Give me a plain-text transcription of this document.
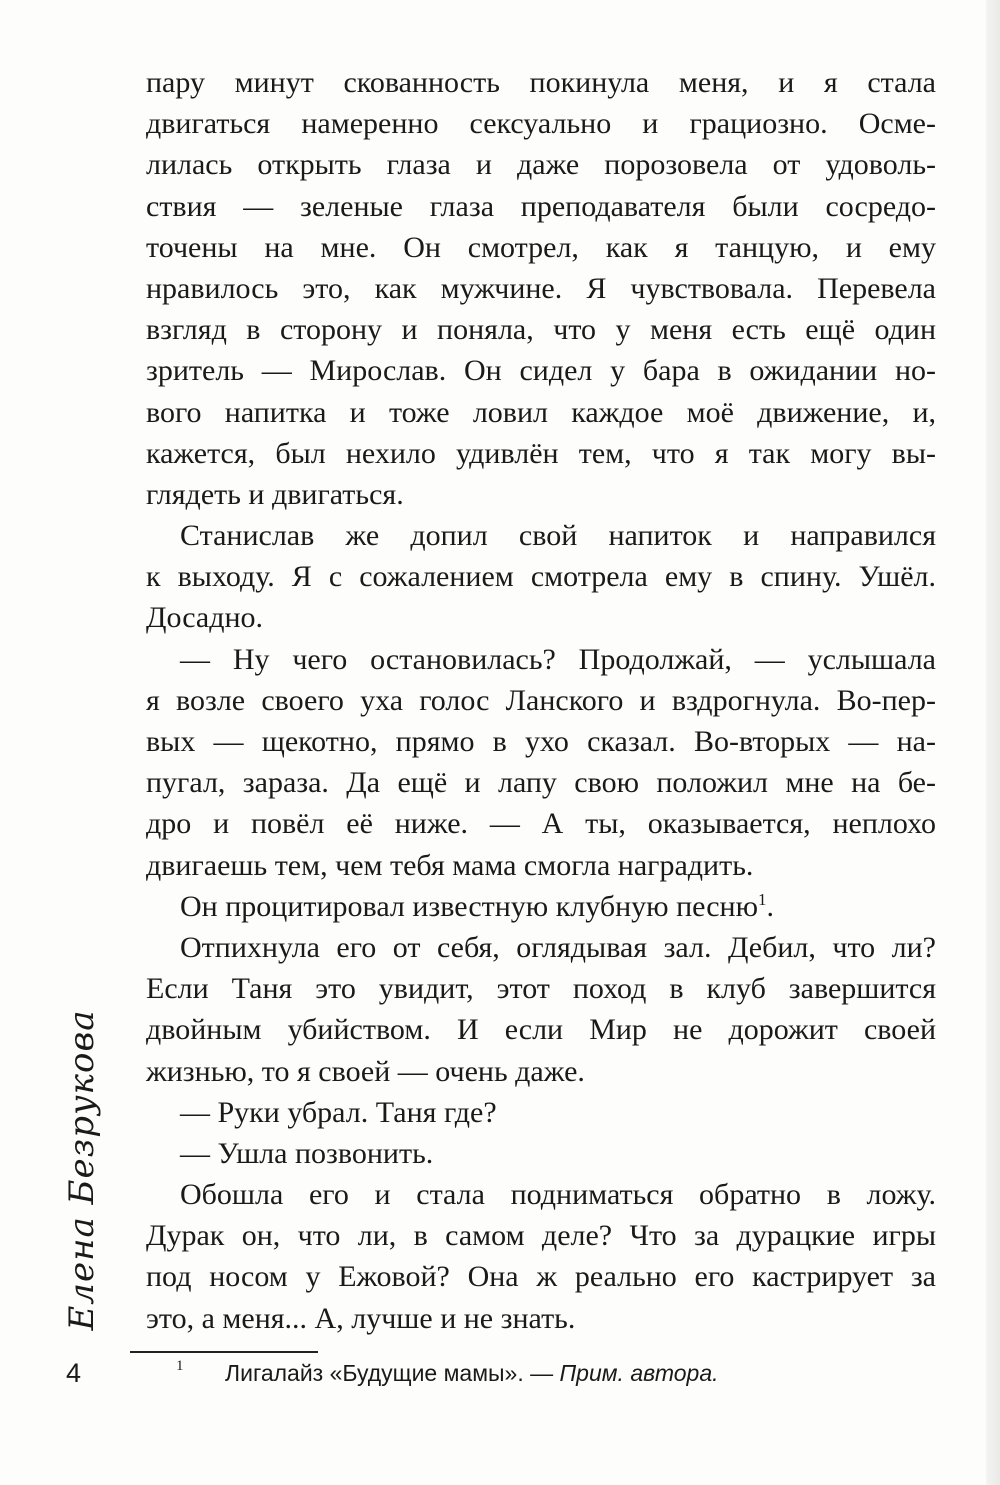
Елена Безрукова
пару минут скованность покинула меня, и я стала
двигаться намеренно сексуально и грациозно. Осме-
лилась открыть глаза и даже порозовела от удоволь-
ствия — зеленые глаза преподавателя были сосредо-
точены на мне. Он смотрел, как я танцую, и ему
нравилось это, как мужчине. Я чувствовала. Перевела
взгляд в сторону и поняла, что у меня есть ещё один
зритель — Мирослав. Он сидел у бара в ожидании но-
вого напитка и тоже ловил каждое моё движение, и,
кажется, был нехило удивлён тем, что я так могу вы-
глядеть и двигаться.
Станислав же допил свой напиток и направился
к выходу. Я с сожалением смотрела ему в спину. Ушёл.
Досадно.
— Ну чего остановилась? Продолжай, — услышала
я возле своего уха голос Ланского и вздрогнула. Во-пер-
вых — щекотно, прямо в ухо сказал. Во-вторых — на-
пугал, зараза. Да ещё и лапу свою положил мне на бе-
дро и повёл её ниже. — А ты, оказывается, неплохо
двигаешь тем, чем тебя мама смогла наградить.
Он процитировал известную клубную песню$^1$.
Отпихнула его от себя, оглядывая зал. Дебил, что ли?
Если Таня это увидит, этот поход в клуб завершится
двойным убийством. И если Мир не дорожит своей
жизнью, то я своей — очень даже.
— Руки убрал. Таня где?
— Ушла позвонить.
Обошла его и стала подниматься обратно в ложу.
Дурак он, что ли, в самом деле? Что за дурацкие игры
под носом у Ежовой? Она ж реально его кастрирует за
это, а меня... А, лучше и не знать.
4	1 Лигалайз «Будущие мамы». — Прим. автора.
